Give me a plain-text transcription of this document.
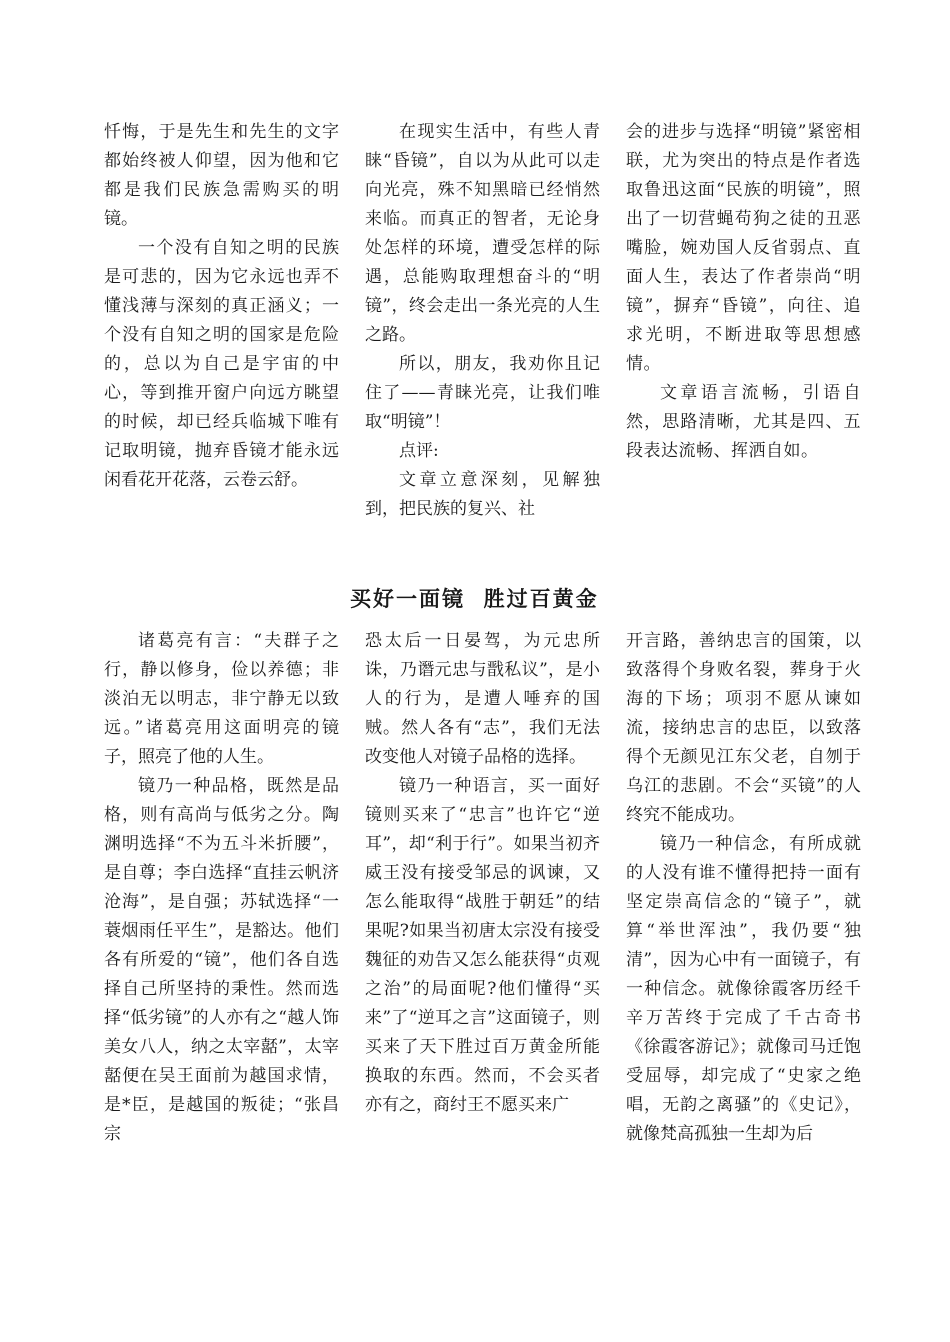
忏悔，于是先生和先生的文字都始终被人仰望，因为他和它都是我们民族急需购买的明镜。

一个没有自知之明的民族是可悲的，因为它永远也弄不懂浅薄与深刻的真正涵义；一个没有自知之明的国家是危险的，总以为自己是宇宙的中心，等到推开窗户向远方眺望的时候，却已经兵临城下唯有记取明镜，抛弃昏镜才能永远闲看花开花落，云卷云舒。

在现实生活中，有些人青睐“昏镜”，自以为从此可以走向光亮，殊不知黑暗已经悄然来临。而真正的智者，无论身处怎样的环境，遭受怎样的际遇，总能购取理想奋斗的“明镜”，终会走出一条光亮的人生之路。

所以，朋友，我劝你且记住了——青睐光亮，让我们唯取“明镜”！

点评:

文章立意深刻，见解独到，把民族的复兴、社

会的进步与选择“明镜”紧密相联，尤为突出的特点是作者选取鲁迅这面“民族的明镜”，照出了一切营蝇苟狗之徒的丑恶嘴脸，婉劝国人反省弱点、直面人生，表达了作者崇尚“明镜”，摒弃“昏镜”，向往、追求光明，不断进取等思想感情。

文章语言流畅，引语自然，思路清晰，尤其是四、五段表达流畅、挥洒自如。

买好一面镜  胜过百黄金

诸葛亮有言：“夫群子之行，静以修身，俭以养德；非淡泊无以明志，非宁静无以致远。”诸葛亮用这面明亮的镜子，照亮了他的人生。

镜乃一种品格，既然是品格，则有高尚与低劣之分。陶渊明选择“不为五斗米折腰”，是自尊；李白选择“直挂云帆济沧海”，是自强；苏轼选择“一蓑烟雨任平生”，是豁达。他们各有所爱的“镜”，他们各自选择自己所坚持的秉性。然而选择“低劣镜”的人亦有之“越人饰美女八人，纳之太宰嚭”，太宰嚭便在吴王面前为越国求情，是*臣，是越国的叛徒；“张昌宗

恐太后一日晏驾，为元忠所诛，乃谮元忠与戬私议”，是小人的行为，是遭人唾弃的国贼。然人各有“志”，我们无法改变他人对镜子品格的选择。

镜乃一种语言，买一面好镜则买来了“忠言”也许它“逆耳”，却“利于行”。如果当初齐威王没有接受邹忌的讽谏，又怎么能取得“战胜于朝廷”的结果呢?如果当初唐太宗没有接受魏征的劝告又怎么能获得“贞观之治”的局面呢?他们懂得“买来”了“逆耳之言”这面镜子，则买来了天下胜过百万黄金所能换取的东西。然而，不会买者亦有之，商纣王不愿买来广

开言路，善纳忠言的国策，以致落得个身败名裂，葬身于火海的下场；项羽不愿从谏如流，接纳忠言的忠臣，以致落得个无颜见江东父老，自刎于乌江的悲剧。不会“买镜”的人终究不能成功。

镜乃一种信念，有所成就的人没有谁不懂得把持一面有坚定崇高信念的“镜子”，就算“举世浑浊”，我仍要“独清”，因为心中有一面镜子，有一种信念。就像徐霞客历经千辛万苦终于完成了千古奇书《徐霞客游记》；就像司马迁饱受屈辱，却完成了“史家之绝唱，无韵之离骚”的《史记》，就像梵高孤独一生却为后
